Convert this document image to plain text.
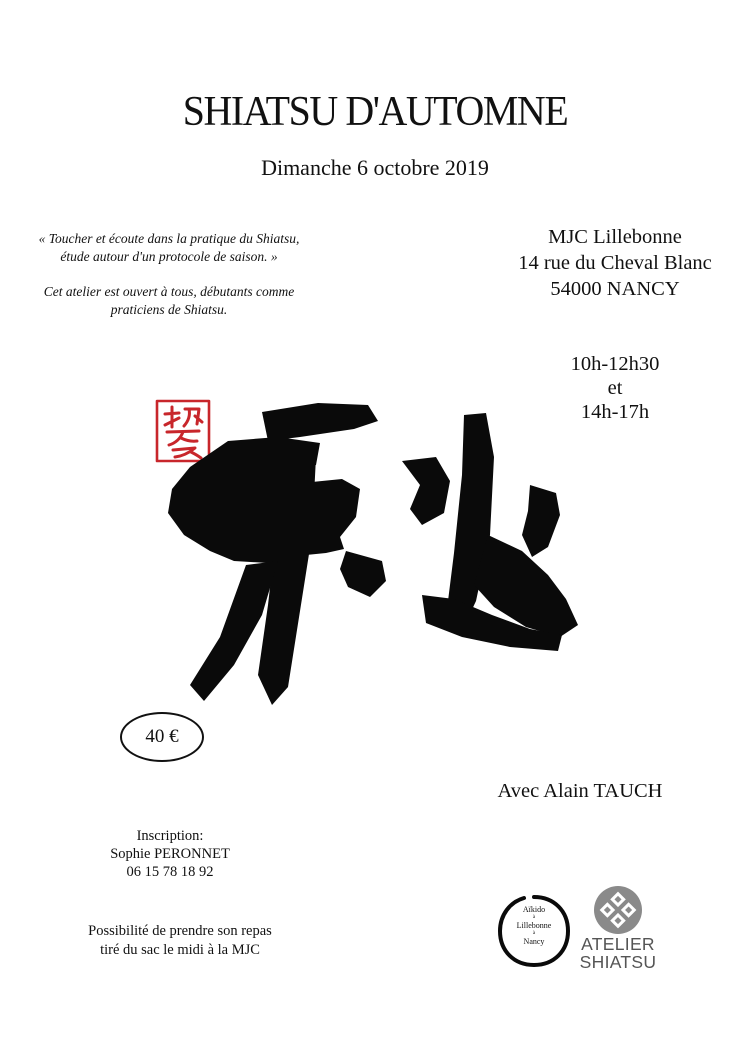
SHIATSU D'AUTOMNE
Dimanche 6 octobre 2019

« Toucher et écoute dans la pratique du Shiatsu, étude autour d'un protocole de saison. »

Cet atelier est ouvert à tous, débutants comme praticiens de Shiatsu.

MJC Lillebonne
14 rue du Cheval Blanc
54000 NANCY
10h-12h30
et
14h-17h
40 €
Avec Alain TAUCH
Inscription:
Sophie PERONNET
06 15 78 18 92
Possibilité de prendre son repas
tiré du sac le midi à la MJC
Aïkido
à
Lillebonne
à
Nancy	ATELIER
SHIATSU
